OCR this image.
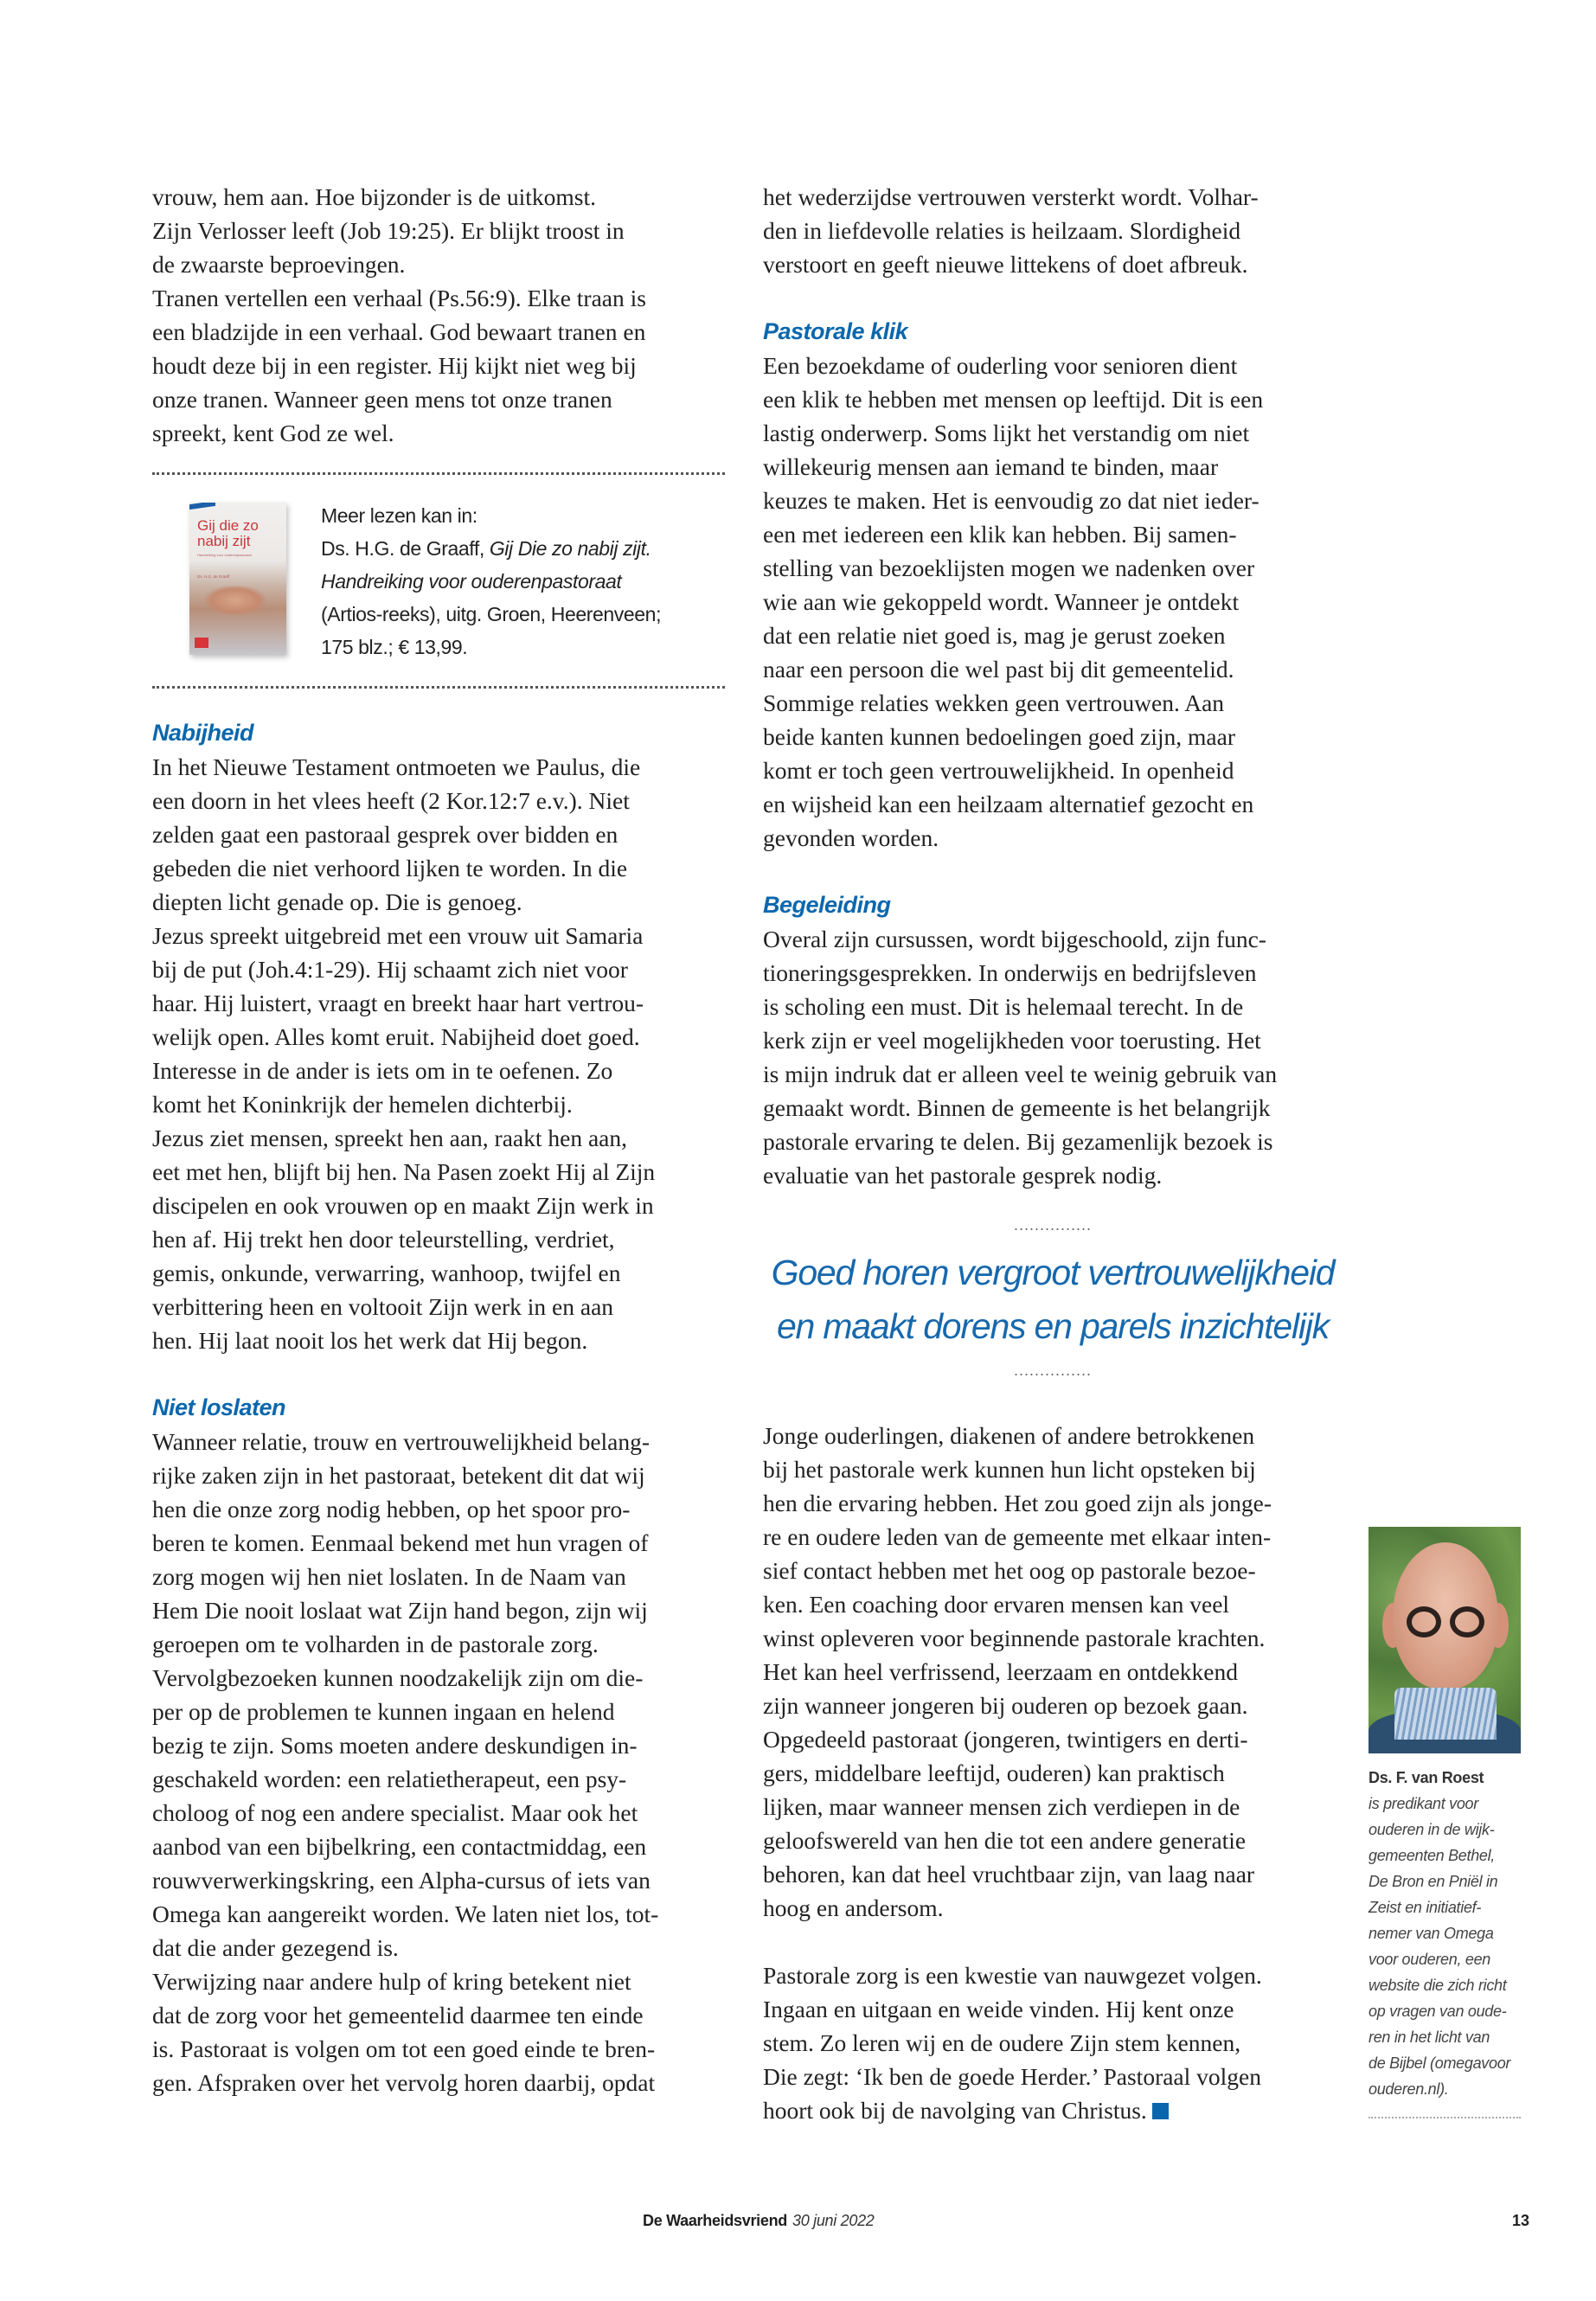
vrouw, hem aan. Hoe bijzonder is de uitkomst.
Zijn Verlosser leeft (Job 19:25). Er blijkt troost in
de zwaarste beproevingen.
Tranen vertellen een verhaal (Ps.56:9). Elke traan is
een bladzijde in een verhaal. God bewaart tranen en
houdt deze bij in een register. Hij kijkt niet weg bij
onze tranen. Wanneer geen mens tot onze tranen
spreekt, kent God ze wel.
Gij die zo nabij zijt
Handreiking voor ouderenpastoraat
Ds. H.G. de Graaff
Meer lezen kan in:
Ds. H.G. de Graaff, Gij Die zo nabij zijt.
Handreiking voor ouderenpastoraat
(Artios-reeks), uitg. Groen, Heerenveen;
175 blz.; € 13,99.
Nabijheid
In het Nieuwe Testament ontmoeten we Paulus, die
een doorn in het vlees heeft (2 Kor.12:7 e.v.). Niet
zelden gaat een pastoraal gesprek over bidden en
gebeden die niet verhoord lijken te worden. In die
diepten licht genade op. Die is genoeg.
Jezus spreekt uitgebreid met een vrouw uit Samaria
bij de put (Joh.4:1-29). Hij schaamt zich niet voor
haar. Hij luistert, vraagt en breekt haar hart vertrou-
welijk open. Alles komt eruit. Nabijheid doet goed.
Interesse in de ander is iets om in te oefenen. Zo
komt het Koninkrijk der hemelen dichterbij.
Jezus ziet mensen, spreekt hen aan, raakt hen aan,
eet met hen, blijft bij hen. Na Pasen zoekt Hij al Zijn
discipelen en ook vrouwen op en maakt Zijn werk in
hen af. Hij trekt hen door teleurstelling, verdriet,
gemis, onkunde, verwarring, wanhoop, twijfel en
verbittering heen en voltooit Zijn werk in en aan
hen. Hij laat nooit los het werk dat Hij begon.
Niet loslaten
Wanneer relatie, trouw en vertrouwelijkheid belang-
rijke zaken zijn in het pastoraat, betekent dit dat wij
hen die onze zorg nodig hebben, op het spoor pro-
beren te komen. Eenmaal bekend met hun vragen of
zorg mogen wij hen niet loslaten. In de Naam van
Hem Die nooit loslaat wat Zijn hand begon, zijn wij
geroepen om te volharden in de pastorale zorg.
Vervolgbezoeken kunnen noodzakelijk zijn om die-
per op de problemen te kunnen ingaan en helend
bezig te zijn. Soms moeten andere deskundigen in-
geschakeld worden: een relatietherapeut, een psy-
choloog of nog een andere specialist. Maar ook het
aanbod van een bijbelkring, een contactmiddag, een
rouwverwerkingskring, een Alpha-cursus of iets van
Omega kan aangereikt worden. We laten niet los, tot-
dat die ander gezegend is.
Verwijzing naar andere hulp of kring betekent niet
dat de zorg voor het gemeentelid daarmee ten einde
is. Pastoraat is volgen om tot een goed einde te bren-
gen. Afspraken over het vervolg horen daarbij, opdat
het wederzijdse vertrouwen versterkt wordt. Volhar-
den in liefdevolle relaties is heilzaam. Slordigheid
verstoort en geeft nieuwe littekens of doet afbreuk.
Pastorale klik
Een bezoekdame of ouderling voor senioren dient
een klik te hebben met mensen op leeftijd. Dit is een
lastig onderwerp. Soms lijkt het verstandig om niet
willekeurig mensen aan iemand te binden, maar
keuzes te maken. Het is eenvoudig zo dat niet ieder-
een met iedereen een klik kan hebben. Bij samen-
stelling van bezoeklijsten mogen we nadenken over
wie aan wie gekoppeld wordt. Wanneer je ontdekt
dat een relatie niet goed is, mag je gerust zoeken
naar een persoon die wel past bij dit gemeentelid.
Sommige relaties wekken geen vertrouwen. Aan
beide kanten kunnen bedoelingen goed zijn, maar
komt er toch geen vertrouwelijkheid. In openheid
en wijsheid kan een heilzaam alternatief gezocht en
gevonden worden.
Begeleiding
Overal zijn cursussen, wordt bijgeschoold, zijn func-
tioneringsgesprekken. In onderwijs en bedrijfsleven
is scholing een must. Dit is helemaal terecht. In de
kerk zijn er veel mogelijkheden voor toerusting. Het
is mijn indruk dat er alleen veel te weinig gebruik van
gemaakt wordt. Binnen de gemeente is het belangrijk
pastorale ervaring te delen. Bij gezamenlijk bezoek is
evaluatie van het pastorale gesprek nodig.
...............
Goed horen vergroot vertrouwelijkheid
en maakt dorens en parels inzichtelijk
...............
Jonge ouderlingen, diakenen of andere betrokkenen
bij het pastorale werk kunnen hun licht opsteken bij
hen die ervaring hebben. Het zou goed zijn als jonge-
re en oudere leden van de gemeente met elkaar inten-
sief contact hebben met het oog op pastorale bezoe-
ken. Een coaching door ervaren mensen kan veel
winst opleveren voor beginnende pastorale krachten.
Het kan heel verfrissend, leerzaam en ontdekkend
zijn wanneer jongeren bij ouderen op bezoek gaan.
Opgedeeld pastoraat (jongeren, twintigers en derti-
gers, middelbare leeftijd, ouderen) kan praktisch
lijken, maar wanneer mensen zich verdiepen in de
geloofswereld van hen die tot een andere generatie
behoren, kan dat heel vruchtbaar zijn, van laag naar
hoog en andersom.
Pastorale zorg is een kwestie van nauwgezet volgen.
Ingaan en uitgaan en weide vinden. Hij kent onze
stem. Zo leren wij en de oudere Zijn stem kennen,
Die zegt: ‘Ik ben de goede Herder.’ Pastoraal volgen
hoort ook bij de navolging van Christus.
Ds. F. van Roest
is predikant voor
ouderen in de wijk-
gemeenten Bethel,
De Bron en Pniël in
Zeist en initiatief-
nemer van Omega
voor ouderen, een
website die zich richt
op vragen van oude-
ren in het licht van
de Bijbel (omegavoor
ouderen.nl).
De Waarheidsvriend 30 juni 2022	13
